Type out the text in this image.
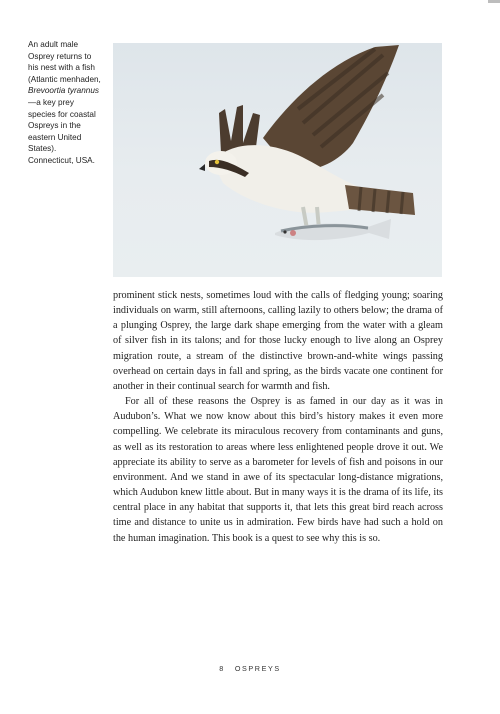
An adult male Osprey returns to his nest with a fish (Atlantic menhaden, Brevoortia tyrannus—a key prey species for coastal Ospreys in the eastern United States). Connecticut, USA.

prominent stick nests, sometimes loud with the calls of fledging young; soaring individuals on warm, still afternoons, calling lazily to others below; the drama of a plunging Osprey, the large dark shape emerging from the water with a gleam of silver fish in its talons; and for those lucky enough to live along an Osprey migration route, a stream of the distinctive brown-and-white wings passing overhead on certain days in fall and spring, as the birds vacate one continent for another in their continual search for warmth and fish.

For all of these reasons the Osprey is as famed in our day as it was in Audubon’s. What we now know about this bird’s history makes it even more compelling. We celebrate its miraculous recovery from contaminants and guns, as well as its restoration to areas where less enlightened people drove it out. We appreciate its ability to serve as a barometer for levels of fish and poisons in our environment. And we stand in awe of its spectacular long-distance migrations, which Audubon knew little about. But in many ways it is the drama of its life, its central place in any habitat that supports it, that lets this great bird reach across time and distance to unite us in admiration. Few birds have had such a hold on the human imagination. This book is a quest to see why this is so.

8 OSPREYS
